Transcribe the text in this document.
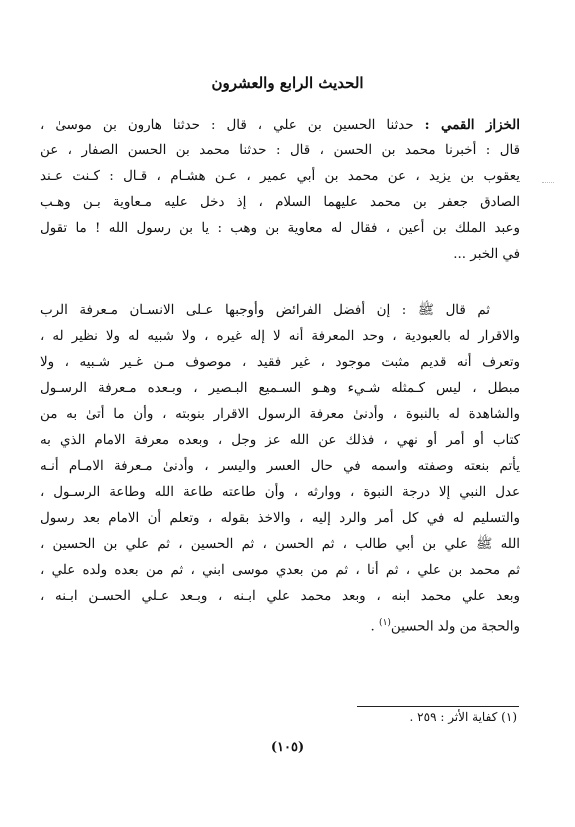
الحديث الرابع والعشرون
الخزاز القمي : حدثنا الحسين بن علي ، قال : حدثنا هارون بن موسىٰ ،
قال : أخبرنا محمد بن الحسن ، قال : حدثنا محمد بن الحسن الصفار ، عن
يعقوب بن يزيد ، عن محمد بن أبي عمير ، عـن هشـام ، قـال : كـنت عـند
الصادق جعفر بن محمد عليهما السلام ، إذ دخل عليه مـعاوية بـن وهـب
وعبد الملك بن أعين ، فقال له معاوية بن وهب : يا بن رسول الله ! ما تقول
في الخبر ...
ثم قال ﷺ : إن أفضل الفرائض وأوجبها عـلى الانسـان مـعرفة الرب
والاقرار له بالعبودية ، وحد المعرفة أنه لا إله غيره ، ولا شبيه له ولا نظير له ،
وتعرف أنه قديم مثبت موجود ، غير فقيد ، موصوف مـن غـير شـبيه ، ولا
مبطل ، ليس كـمثله شـيء وهـو السـميع البـصير ، وبـعده مـعرفة الرسـول
والشاهدة له بالنبوة ، وأدنىٰ معرفة الرسول الاقرار بنوبته ، وأن ما أتىٰ به من
كتاب أو أمر أو نهي ، فذلك عن الله عز وجل ، وبعده معرفة الامام الذي به
يأتم بنعته وصفته واسمه في حال العسر واليسر ، وأدنىٰ مـعرفة الامـام أنـه
عدل النبي إلا درجة النبوة ، ووارثه ، وأن طاعته طاعة الله وطاعة الرسـول ،
والتسليم له في كل أمر والرد إليه ، والاخذ بقوله ، وتعلم أن الامام بعد رسول
الله ﷺ علي بن أبي طالب ، ثم الحسن ، ثم الحسين ، ثم علي بن الحسين ،
ثم محمد بن علي ، ثم أنا ، ثم من بعدي موسى ابني ، ثم من بعده ولده علي ،
وبعد علي محمد ابنه ، وبعد محمد علي ابـنه ، وبـعد عـلي الحسـن ابـنه ،
والحجة من ولد الحسين$^{(١)}$ .
(١) كفاية الأثر : ٢٥٩ .
(١٠٥)
